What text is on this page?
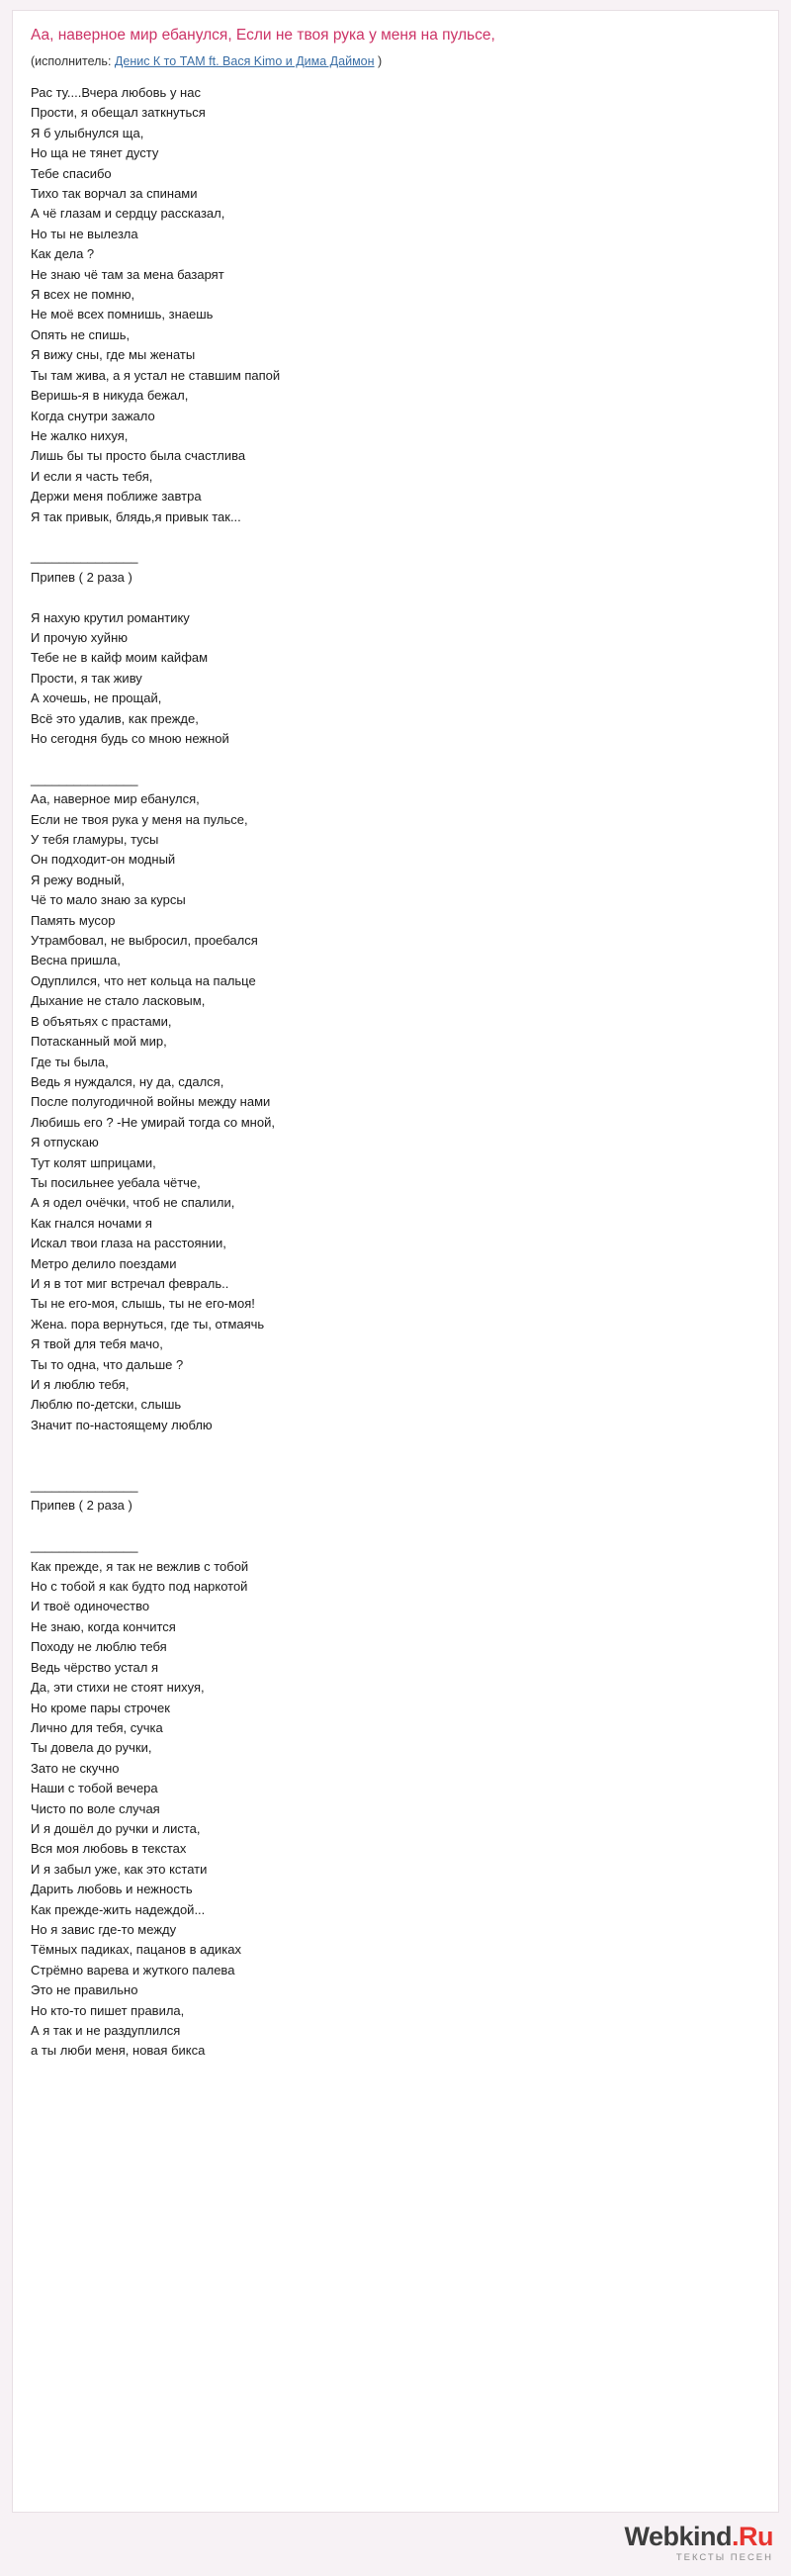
Аа, наверное мир ебанулся, Если не твоя рука у меня на пульсе,
(исполнитель: Денис К то ТАМ ft. Вася Kimo и Дима Даймон )
Рас ту....Вчера любовь у нас
Прости, я обещал заткнуться
Я б улыбнулся ща,
Но ща не тянет дусту
Тебе спасибо
Тихо так ворчал за спинами
А чё глазам и сердцу рассказал,
Но ты не вылезла
Как дела ?
Не знаю чё там за мена базарят
Я всех не помню,
Не моё всех помнишь, знаешь
Опять не спишь,
Я вижу сны, где мы женаты
Ты там жива, а я устал не ставшим папой
Веришь-я в никуда бежал,
Когда снутри зажало
Не жалко нихуя,
Лишь бы ты просто была счастлива
И если я часть тебя,
Держи меня поближе завтра
Я так привык, блядь,я привык так...

_______________
Припев ( 2 раза )

Я нахую крутил романтику
И прочую хуйню
Тебе не в кайф моим кайфам
Прости, я так живу
А хочешь, не прощай,
Всё это удалив, как прежде,
Но сегодня будь со мною нежной

_______________
Аа, наверное мир ебанулся,
Если не твоя рука у меня на пульсе,
У тебя гламуры, тусы
Он подходит-он модный
Я режу водный,
Чё то мало знаю за курсы
Память мусор
Утрамбовал, не выбросил, проебался
Весна пришла,
Одуплился, что нет кольца на пальце
Дыхание не стало ласковым,
В объятьях с прастами,
Потасканный мой мир,
Где ты была,
Ведь я нуждался, ну да, сдался,
После полугодичной войны между нами
Любишь его ? -Не умирай тогда со мной,
Я отпускаю
Тут колят шприцами,
Ты посильнее уебала чётче,
А я одел очёчки, чтоб не спалили,
Как гнался ночами я
Искал твои глаза на расстоянии,
Метро делило поездами
И я в тот миг встречал февраль..
Ты не его-моя, слышь, ты не его-моя!
Жена. пора вернуться, где ты, отмаячь
Я твой для тебя мачо,
Ты то одна, что дальше ?
И я люблю тебя,
Люблю по-детски, слышь
Значит по-настоящему люблю

_______________
Припев ( 2 раза )

_______________
Как прежде, я так не вежлив с тобой
Но с тобой я как будто под наркотой
И твоё одиночество
Не знаю, когда кончится
Походу не люблю тебя
Ведь чёрство устал я
Да, эти стихи не стоят нихуя,
Но кроме пары строчек
Лично для тебя, сучка
Ты довела до ручки,
Зато не скучно
Наши с тобой вечера
Чисто по воле случая
И я дошёл до ручки и листа,
Вся моя любовь в текстах
И я забыл уже, как это кстати
Дарить любовь и нежность
Как прежде-жить надеждой...
Но я завис где-то между
Тёмных падиках, пацанов в адиках
Стрёмно варева и жуткого палева
Это не правильно
Но кто-то пишет правила,
А я так и не раздуплился
а ты люби меня, новая бикса
Webkind.Ru
ТЕКСТЫ ПЕСЕН
